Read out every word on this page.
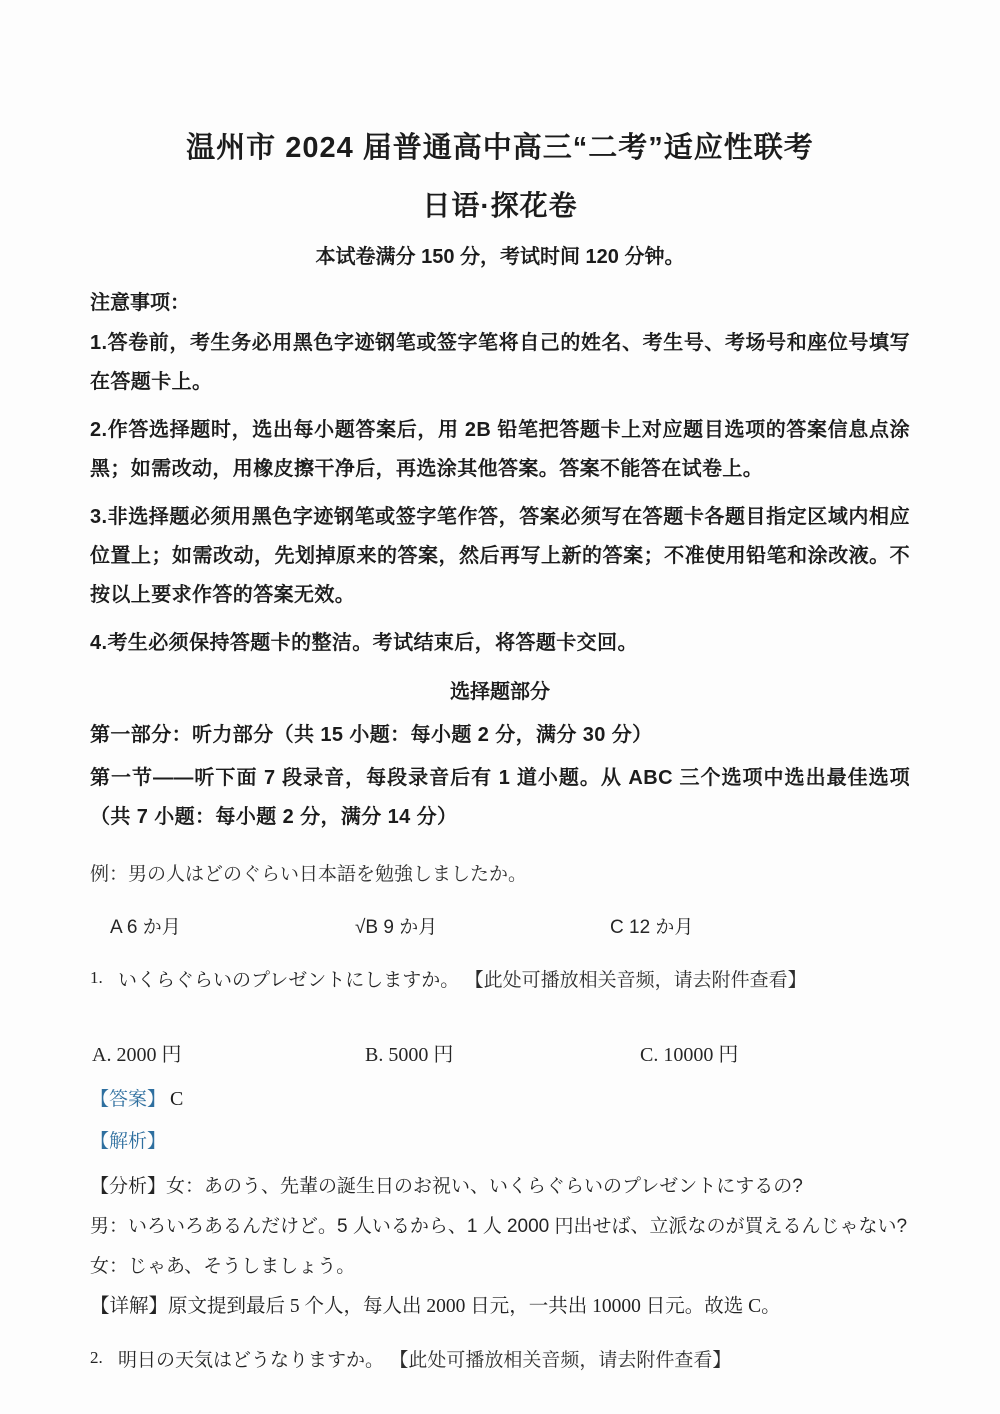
温州市 2024 届普通高中高三“二考”适应性联考
日语·探花卷

本试卷满分 150 分，考试时间 120 分钟。

注意事项：

1.答卷前，考生务必用黑色字迹钢笔或签字笔将自己的姓名、考生号、考场号和座位号填写在答题卡上。

2.作答选择题时，选出每小题答案后，用 2B 铅笔把答题卡上对应题目选项的答案信息点涂黑；如需改动，用橡皮擦干净后，再选涂其他答案。答案不能答在试卷上。

3.非选择题必须用黑色字迹钢笔或签字笔作答，答案必须写在答题卡各题目指定区域内相应位置上；如需改动，先划掉原来的答案，然后再写上新的答案；不准使用铅笔和涂改液。不按以上要求作答的答案无效。

4.考生必须保持答题卡的整洁。考试结束后，将答题卡交回。

选择题部分

第一部分：听力部分（共 15 小题：每小题 2 分，满分 30 分）

第一节——听下面 7 段录音，每段录音后有 1 道小题。从 ABC 三个选项中选出最佳选项（共 7 小题：每小题 2 分，满分 14 分）

例：男の人はどのぐらい日本語を勉強しましたか。

A 6 か月	√B 9 か月	C 12 か月

1. いくらぐらいのプレゼントにしますか。 【此处可播放相关音频，请去附件查看】

A. 2000 円	B. 5000 円	C. 10000 円

【答案】 C

【解析】

【分析】女：あのう、先輩の誕生日のお祝い、いくらぐらいのプレゼントにするの?

男：いろいろあるんだけど。5 人いるから、1 人 2000 円出せば、立派なのが買えるんじゃない?

女：じゃあ、そうしましょう。

【详解】原文提到最后 5 个人，每人出 2000 日元，一共出 10000 日元。故选 C。

2. 明日の天気はどうなりますか。 【此处可播放相关音频，请去附件查看】
